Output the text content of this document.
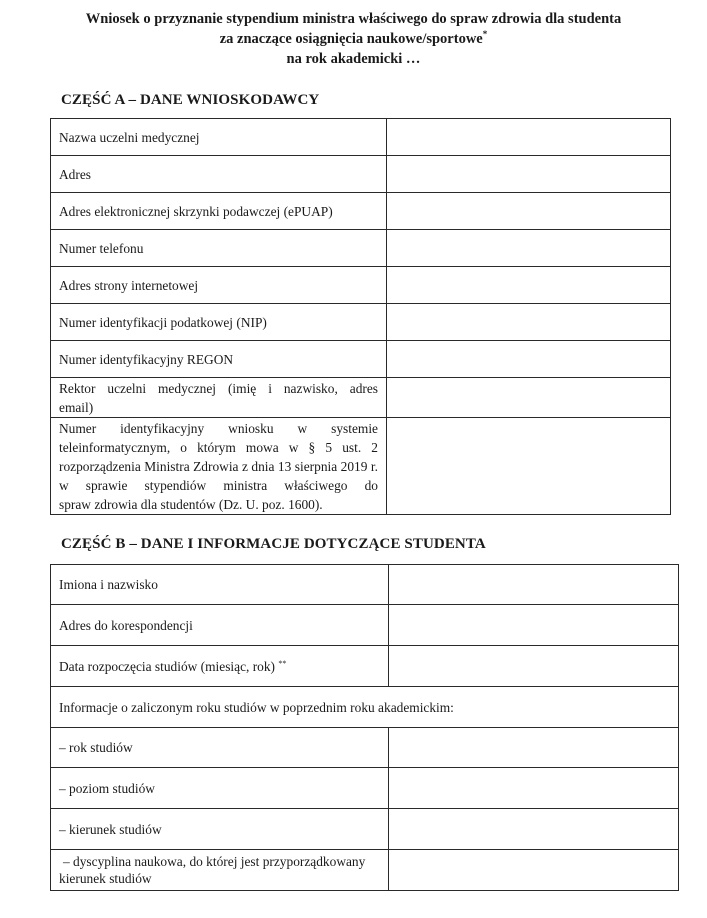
Wniosek o przyznanie stypendium ministra właściwego do spraw zdrowia dla studenta
za znaczące osiągnięcia naukowe/sportowe*
na rok akademicki …
CZĘŚĆ A – DANE WNIOSKODAWCY
Nazwa uczelni medycznej	
Adres	
Adres elektronicznej skrzynki podawczej (ePUAP)	
Numer telefonu	
Adres strony internetowej	
Numer identyfikacji podatkowej (NIP)	
Numer identyfikacyjny REGON	

Rektor uczelni medycznej (imię i nazwisko, adres
email)	

Numer identyfikacyjny wniosku w systemie teleinformatycznym, o którym mowa w § 5 ust. 2 rozporządzenia Ministra Zdrowia z dnia 13 sierpnia 2019 r. w sprawie stypendiów ministra właściwego do
spraw zdrowia dla studentów (Dz. U. poz. 1600).	

CZĘŚĆ B – DANE I INFORMACJE DOTYCZĄCE STUDENTA
Imiona i nazwisko	
Adres do korespondencji	
Data rozpoczęcia studiów (miesiąc, rok) **	
Informacje o zaliczonym roku studiów w poprzednim roku akademickim:	
– rok studiów	
– poziom studiów	
– kierunek studiów	

– dyscyplina naukowa, do której jest przyporządkowany
kierunek studiów	
